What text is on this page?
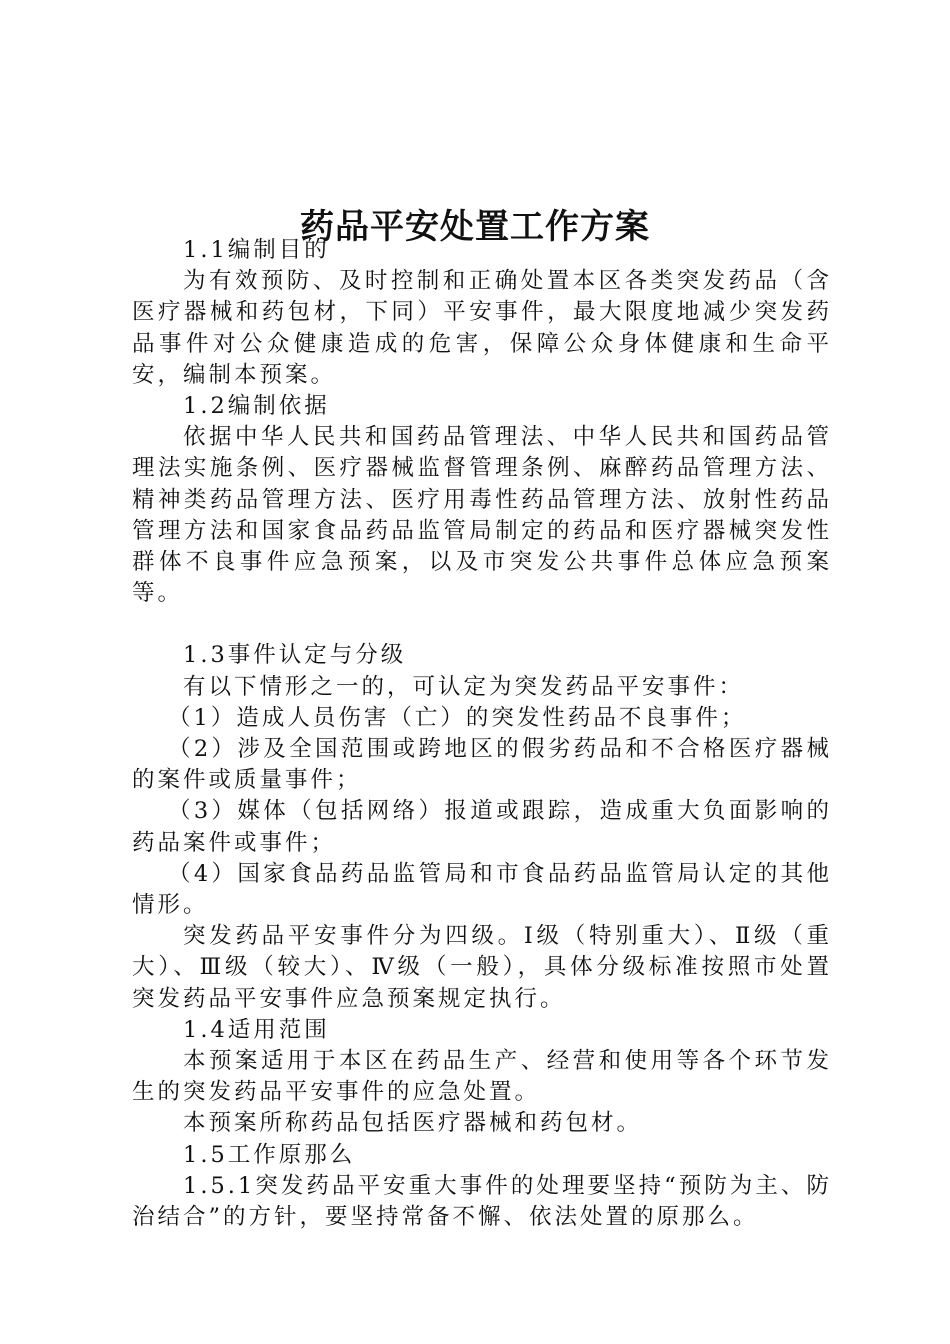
药品平安处置工作方案

1.1编制目的

为有效预防、及时控制和正确处置本区各类突发药品（含医疗器械和药包材，下同）平安事件，最大限度地减少突发药品事件对公众健康造成的危害，保障公众身体健康和生命平安，编制本预案。

1.2编制依据

依据中华人民共和国药品管理法、中华人民共和国药品管理法实施条例、医疗器械监督管理条例、麻醉药品管理方法、精神类药品管理方法、医疗用毒性药品管理方法、放射性药品管理方法和国家食品药品监管局制定的药品和医疗器械突发性群体不良事件应急预案，以及市突发公共事件总体应急预案等。

1.3事件认定与分级

有以下情形之一的，可认定为突发药品平安事件：

（1）造成人员伤害（亡）的突发性药品不良事件；

（2）涉及全国范围或跨地区的假劣药品和不合格医疗器械的案件或质量事件；

（3）媒体（包括网络）报道或跟踪，造成重大负面影响的药品案件或事件；

（4）国家食品药品监管局和市食品药品监管局认定的其他情形。

突发药品平安事件分为四级。Ⅰ级（特别重大）、Ⅱ级（重大）、Ⅲ级（较大）、Ⅳ级（一般），具体分级标准按照市处置突发药品平安事件应急预案规定执行。

1.4适用范围

本预案适用于本区在药品生产、经营和使用等各个环节发生的突发药品平安事件的应急处置。

本预案所称药品包括医疗器械和药包材。

1.5工作原那么

1.5.1突发药品平安重大事件的处理要坚持“预防为主、防治结合”的方针，要坚持常备不懈、依法处置的原那么。
